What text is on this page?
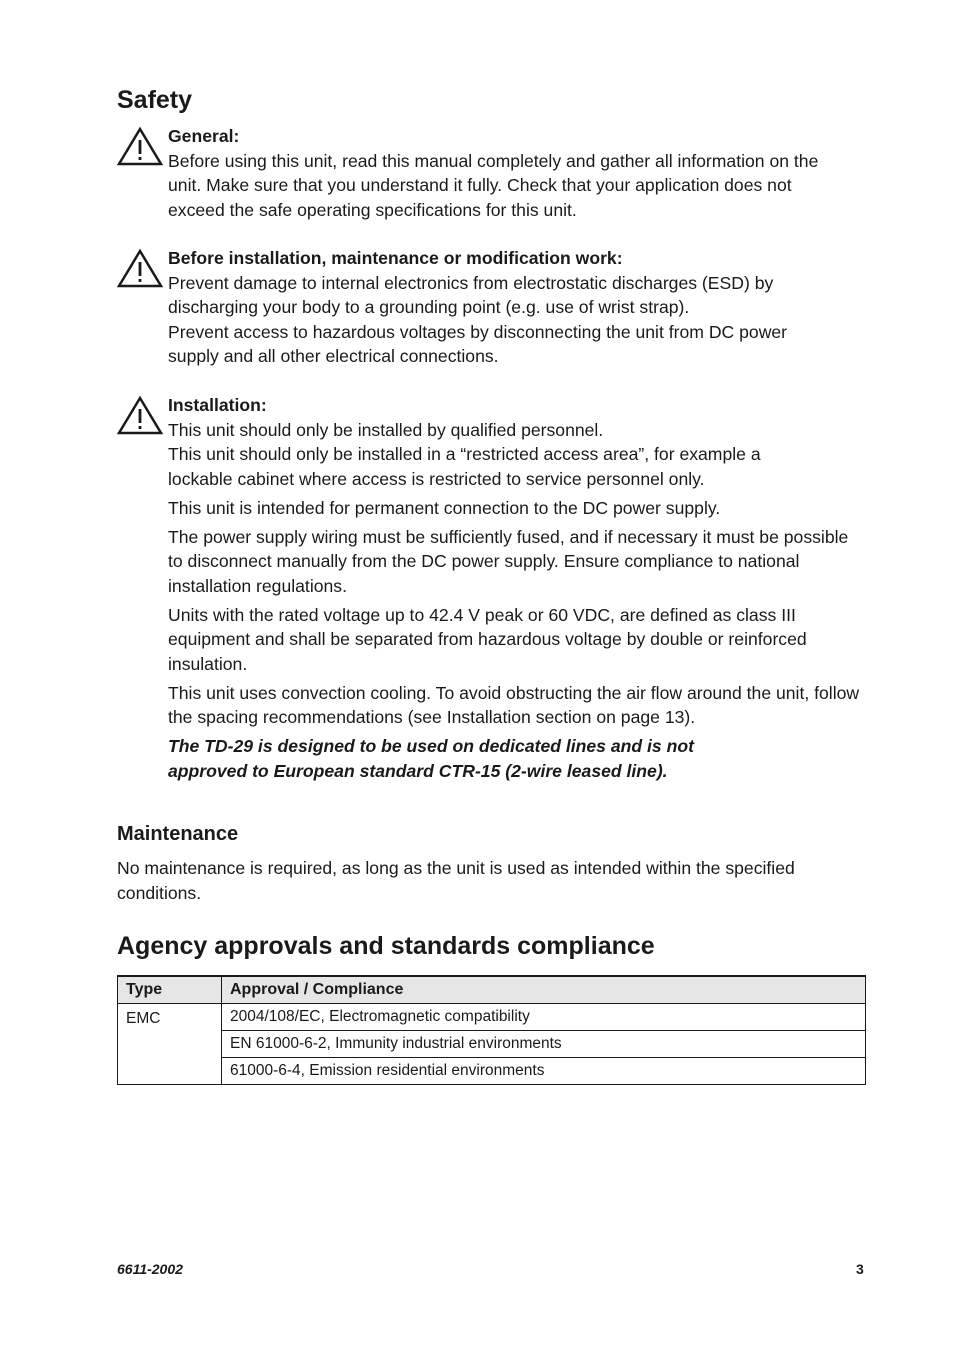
Safety
General:
Before using this unit, read this manual completely and gather all information on the unit. Make sure that you understand it fully. Check that your application does not exceed the safe operating specifications for this unit.
Before installation, maintenance or modification work:
Prevent damage to internal electronics from electrostatic discharges (ESD) by discharging your body to a grounding point (e.g. use of wrist strap).
Prevent access to hazardous voltages by disconnecting the unit from DC power supply and all other electrical connections.
Installation:
This unit should only be installed by qualified personnel.
This unit should only be installed in a “restricted access area”, for example a lockable cabinet where access is restricted to service personnel only.
This unit is intended for permanent connection to the DC power supply.
The power supply wiring must be sufficiently fused, and if necessary it must be possible to disconnect manually from the DC power supply. Ensure compliance to national installation regulations.
Units with the rated voltage up to 42.4 V peak or 60 VDC, are defined as class III equipment and shall be separated from hazardous voltage by double or reinforced insulation.
This unit uses convection cooling. To avoid obstructing the air flow around the unit, follow the spacing recommendations (see Installation section on page 13).
The TD-29 is designed to be used on dedicated lines and is not
approved to European standard CTR-15 (2-wire leased line).
Maintenance
No maintenance is required, as long as the unit is used as intended within the specified conditions.
Agency approvals and standards compliance
Type	Approval / Compliance
EMC	2004/108/EC, Electromagnetic compatibility
	EN 61000-6-2, Immunity industrial environments
	61000-6-4, Emission residential environments
6611-2002	3
